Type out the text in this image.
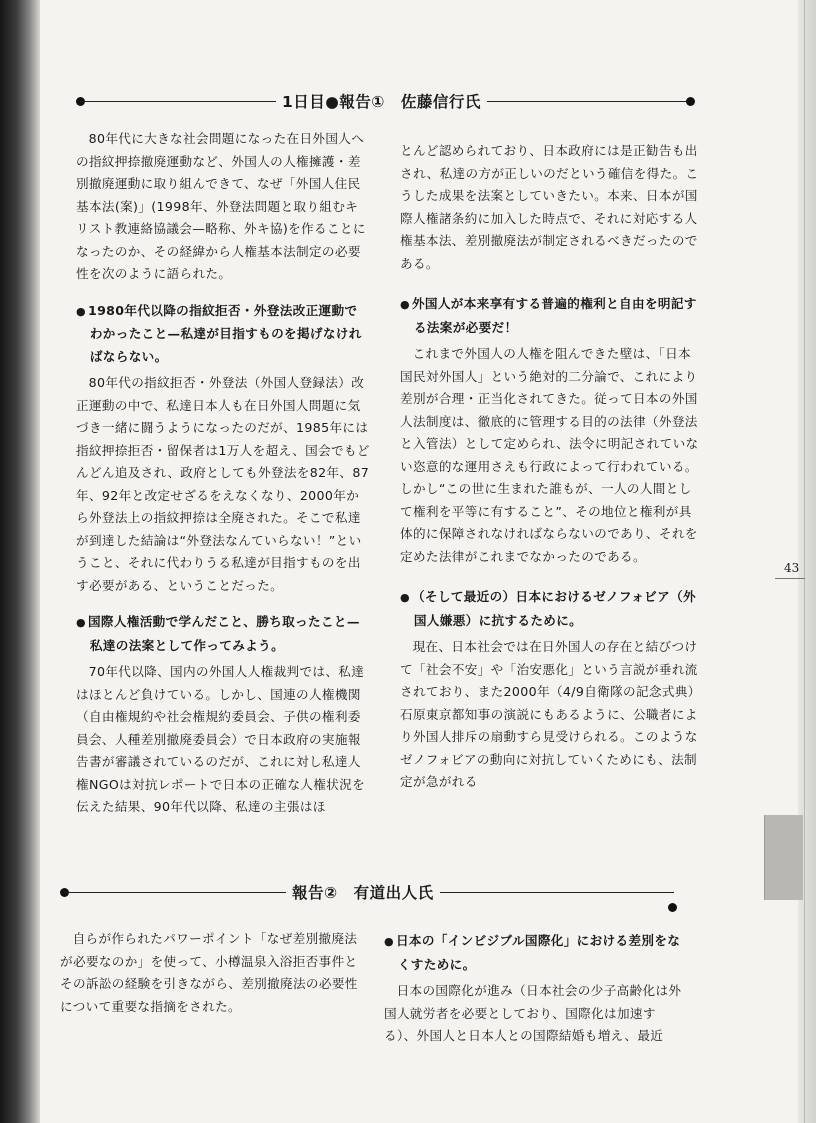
1日目●報告①　佐藤信行氏

80年代に大きな社会問題になった在日外国人への指紋押捺撤廃運動など、外国人の人権擁護・差別撤廃運動に取り組んできて、なぜ「外国人住民基本法(案)」(1998年、外登法問題と取り組むキリスト教連絡協議会—略称、外キ協)を作ることになったのか、その経緯から人権基本法制定の必要性を次のように語られた。

● 1980年代以降の指紋拒否・外登法改正運動でわかったこと—私達が目指すものを掲げなければならない。

80年代の指紋拒否・外登法（外国人登録法）改正運動の中で、私達日本人も在日外国人問題に気づき一緒に闘うようになったのだが、1985年には指紋押捺拒否・留保者は1万人を超え、国会でもどんどん追及され、政府としても外登法を82年、87年、92年と改定せざるをえなくなり、2000年から外登法上の指紋押捺は全廃された。そこで私達が到達した結論は“外登法なんていらない！”ということ、それに代わりうる私達が目指すものを出す必要がある、ということだった。

● 国際人権活動で学んだこと、勝ち取ったこと—私達の法案として作ってみよう。

70年代以降、国内の外国人人権裁判では、私達はほとんど負けている。しかし、国連の人権機関（自由権規約や社会権規約委員会、子供の権利委員会、人種差別撤廃委員会）で日本政府の実施報告書が審議されているのだが、これに対し私達人権NGOは対抗レポートで日本の正確な人権状況を伝えた結果、90年代以降、私達の主張はほ

とんど認められており、日本政府には是正勧告も出され、私達の方が正しいのだという確信を得た。こうした成果を法案としていきたい。本来、日本が国際人権諸条約に加入した時点で、それに対応する人権基本法、差別撤廃法が制定されるべきだったのである。

● 外国人が本来享有する普遍的権利と自由を明記する法案が必要だ！

これまで外国人の人権を阻んできた壁は、「日本国民対外国人」という絶対的二分論で、これにより差別が合理・正当化されてきた。従って日本の外国人法制度は、徹底的に管理する目的の法律（外登法と入管法）として定められ、法令に明記されていない恣意的な運用さえも行政によって行われている。しかし“この世に生まれた誰もが、一人の人間として権利を平等に有すること”、その地位と権利が具体的に保障されなければならないのであり、それを定めた法律がこれまでなかったのである。

● （そして最近の）日本におけるゼノフォビア（外国人嫌悪）に抗するために。

現在、日本社会では在日外国人の存在と結びつけて「社会不安」や「治安悪化」という言説が垂れ流されており、また2000年（4/9自衛隊の記念式典）石原東京都知事の演説にもあるように、公職者により外国人排斥の扇動すら見受けられる。このようなゼノフォビアの動向に対抗していくためにも、法制定が急がれる

43
報告②　有道出人氏

自らが作られたパワーポイント「なぜ差別撤廃法が必要なのか」を使って、小樽温泉入浴拒否事件とその訴訟の経験を引きながら、差別撤廃法の必要性について重要な指摘をされた。

● 日本の「インビジブル国際化」における差別をなくすために。

日本の国際化が進み（日本社会の少子高齢化は外国人就労者を必要としており、国際化は加速する）、外国人と日本人との国際結婚も増え、最近
